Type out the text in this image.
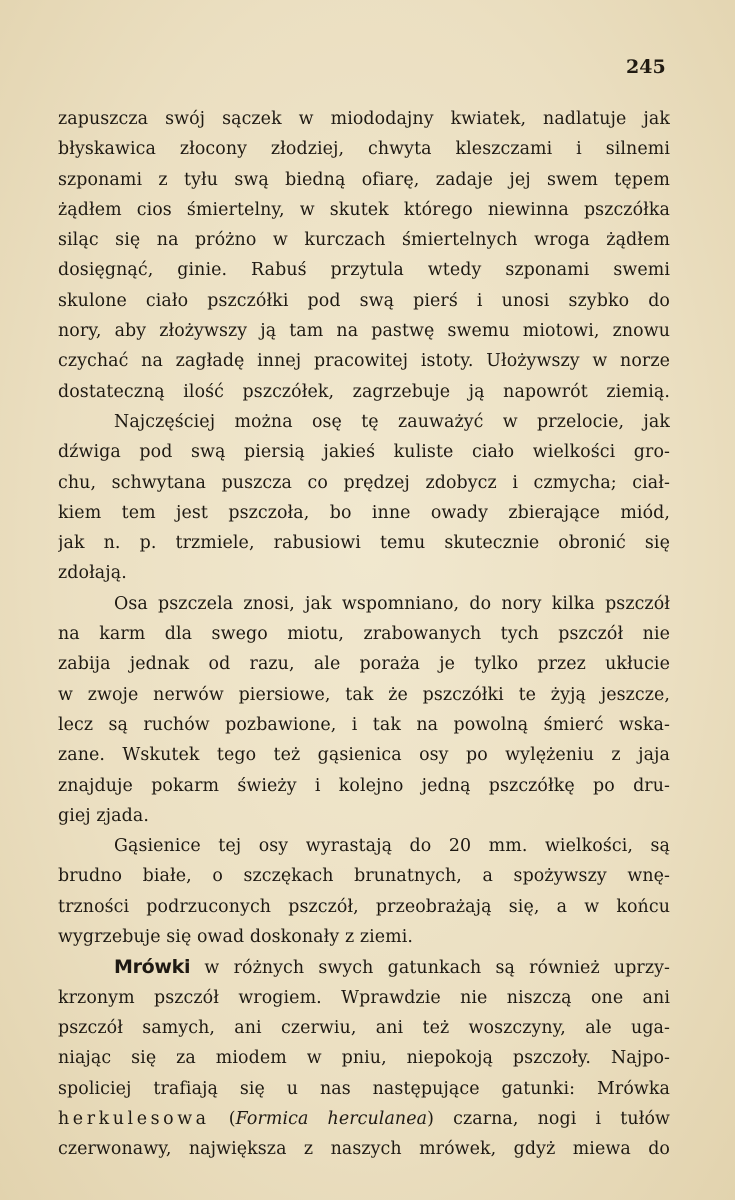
245
zapuszcza swój sączek w miododajny kwiatek, nadlatuje jak
błyskawica złocony złodziej, chwyta kleszczami i silnemi
szponami z tyłu swą biedną ofiarę, zadaje jej swem tępem
żądłem cios śmiertelny, w skutek którego niewinna pszczółka
siląc się na próżno w kurczach śmiertelnych wroga żądłem
dosięgnąć, ginie. Rabuś przytula wtedy szponami swemi
skulone ciało pszczółki pod swą pierś i unosi szybko do
nory, aby złożywszy ją tam na pastwę swemu miotowi, znowu
czychać na zagładę innej pracowitej istoty. Ułożywszy w norze
dostateczną ilość pszczółek, zagrzebuje ją napowrót ziemią.
Najczęściej można osę tę zauważyć w przelocie, jak
dźwiga pod swą piersią jakieś kuliste ciało wielkości gro-
chu, schwytana puszcza co prędzej zdobycz i czmycha; ciał-
kiem tem jest pszczoła, bo inne owady zbierające miód,
jak n. p. trzmiele, rabusiowi temu skutecznie obronić się
zdołają.
Osa pszczela znosi, jak wspomniano, do nory kilka pszczół
na karm dla swego miotu, zrabowanych tych pszczół nie
zabija jednak od razu, ale poraża je tylko przez ukłucie
w zwoje nerwów piersiowe, tak że pszczółki te żyją jeszcze,
lecz są ruchów pozbawione, i tak na powolną śmierć wska-
zane. Wskutek tego też gąsienica osy po wylężeniu z jaja
znajduje pokarm świeży i kolejno jedną pszczółkę po dru-
giej zjada.
Gąsienice tej osy wyrastają do 20 mm. wielkości, są
brudno białe, o szczękach brunatnych, a spożywszy wnę-
trzności podrzuconych pszczół, przeobrażają się, a w końcu
wygrzebuje się owad doskonały z ziemi.
Mrówki w różnych swych gatunkach są również uprzy-
krzonym pszczół wrogiem. Wprawdzie nie niszczą one ani
pszczół samych, ani czerwiu, ani też woszczyny, ale uga-
niając się za miodem w pniu, niepokoją pszczoły. Najpo-
spoliciej trafiają się u nas następujące gatunki: Mrówka
herkulesowa (Formica herculanea) czarna, nogi i tułów
czerwonawy, największa z naszych mrówek, gdyż miewa do
